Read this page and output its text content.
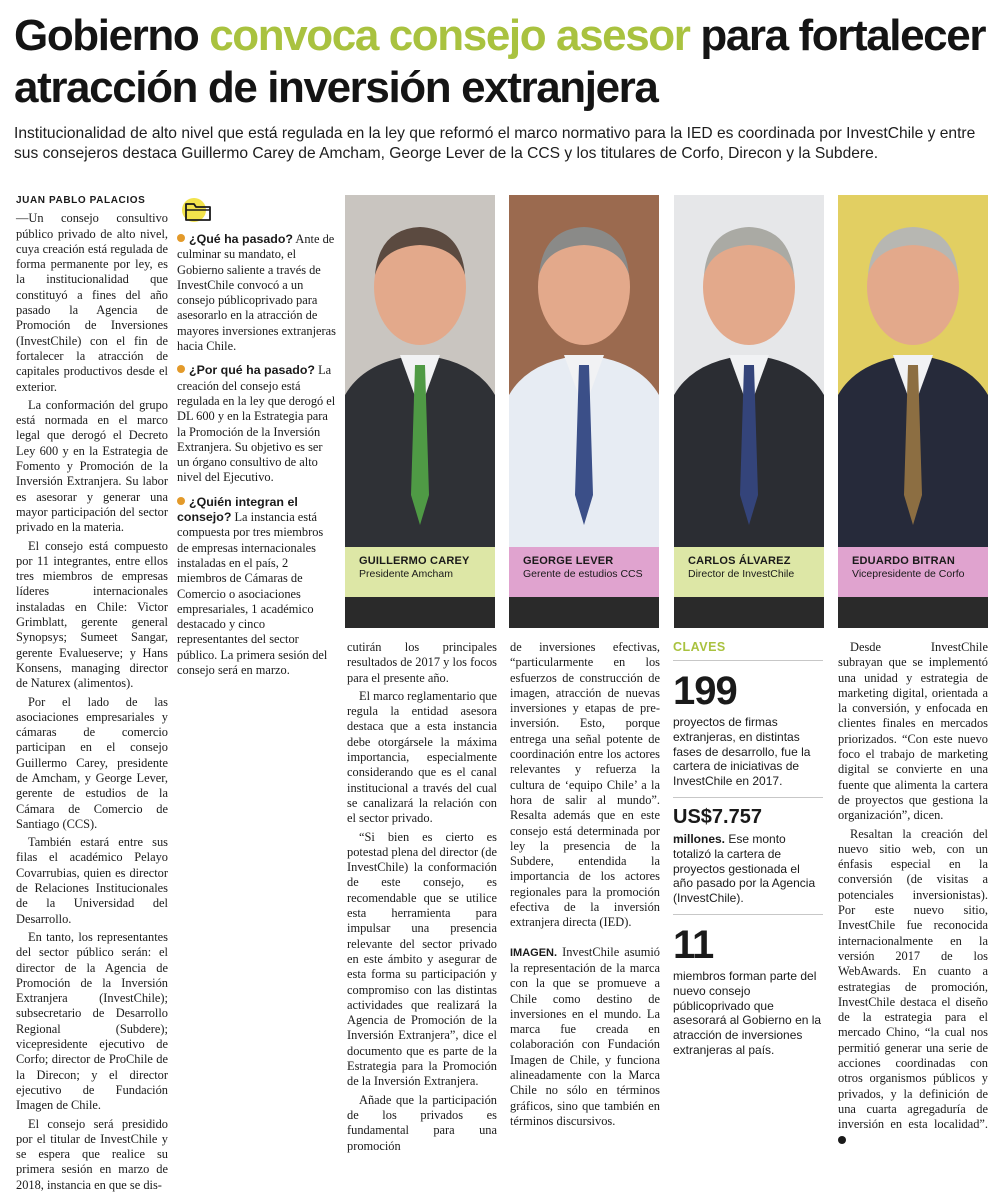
Gobierno convoca consejo asesor para fortalecer atracción de inversión extranjera
Institucionalidad de alto nivel que está regulada en la ley que reformó el marco normativo para la IED es coordinada por InvestChile y entre sus consejeros destaca Guillermo Carey de Amcham, George Lever de la CCS y los titulares de Corfo, Direcon y la Subdere.
JUAN PABLO PALACIOS

—Un consejo consultivo público privado de alto nivel, cuya creación está regulada de forma permanente por ley, es la institucionalidad que constituyó a fines del año pasado la Agencia de Promoción de Inversiones (InvestChile) con el fin de fortalecer la atracción de capitales productivos desde el exterior.

La conformación del grupo está normada en el marco legal que derogó el Decreto Ley 600 y en la Estrategia de Fomento y Promoción de la Inversión Extranjera. Su labor es asesorar y generar una mayor participación del sector privado en la materia.

El consejo está compuesto por 11 integrantes, entre ellos tres miembros de empresas líderes internacionales instaladas en Chile: Victor Grimblatt, gerente general Synopsys; Sumeet Sangar, gerente Evalueserve; y Hans Konsens, managing director de Naturex (alimentos).

Por el lado de las asociaciones empresariales y cámaras de comercio participan en el consejo Guillermo Carey, presidente de Amcham, y George Lever, gerente de estudios de la Cámara de Comercio de Santiago (CCS).

También estará entre sus filas el académico Pelayo Covarrubias, quien es director de Relaciones Institucionales de la Universidad del Desarrollo.

En tanto, los representantes del sector público serán: el director de la Agencia de Promoción de la Inversión Extranjera (InvestChile); subsecretario de Desarrollo Regional (Subdere); vicepresidente ejecutivo de Corfo; director de ProChile de la Direcon; y el director ejecutivo de Fundación Imagen de Chile.

El consejo será presidido por el titular de InvestChile y se espera que realice su primera sesión en marzo de 2018, instancia en que se dis-

¿Qué ha pasado? Ante de culminar su mandato, el Gobierno saliente a través de InvestChile convocó a un consejo públicoprivado para asesorarlo en la atracción de mayores inversiones extranjeras hacia Chile.

¿Por qué ha pasado? La creación del consejo está regulada en la ley que derogó el DL 600 y en la Estrategia para la Promoción de la Inversión Extranjera. Su objetivo es ser un órgano consultivo de alto nivel del Ejecutivo.

¿Quién integran el consejo? La instancia está compuesta por tres miembros de empresas internacionales instaladas en el país, 2 miembros de Cámaras de Comercio o asociaciones empresariales, 1 académico destacado y cinco representantes del sector público. La primera sesión del consejo será en marzo.

GUILLERMO CAREY
Presidente Amcham
GEORGE LEVER
Gerente de estudios CCS
CARLOS ÁLVAREZ
Director de InvestChile
EDUARDO BITRAN
Vicepresidente de Corfo

cutirán los principales resultados de 2017 y los focos para el presente año.

El marco reglamentario que regula la entidad asesora destaca que a esta instancia debe otorgársele la máxima importancia, especialmente considerando que es el canal institucional a través del cual se canalizará la relación con el sector privado.

“Si bien es cierto es potestad plena del director (de InvestChile) la conformación de este consejo, es recomendable que se utilice esta herramienta para impulsar una presencia relevante del sector privado en este ámbito y asegurar de esta forma su participación y compromiso con las distintas actividades que realizará la Agencia de Promoción de la Inversión Extranjera”, dice el documento que es parte de la Estrategia para la Promoción de la Inversión Extranjera.

Añade que la participación de los privados es fundamental para una promoción

de inversiones efectivas, “particularmente en los esfuerzos de construcción de imagen, atracción de nuevas inversiones y etapas de pre-inversión. Esto, porque entrega una señal potente de coordinación entre los actores relevantes y refuerza la cultura de ‘equipo Chile’ a la hora de salir al mundo”. Resalta además que en este consejo está determinada por ley la presencia de la Subdere, entendida la importancia de los actores regionales para la promoción efectiva de la inversión extranjera directa (IED).

IMAGEN. InvestChile asumió la representación de la marca con la que se promueve a Chile como destino de inversiones en el mundo. La marca fue creada en colaboración con Fundación Imagen de Chile, y funciona alineadamente con la Marca Chile no sólo en términos gráficos, sino que también en términos discursivos.

CLAVES
199
proyectos de firmas extranjeras, en distintas fases de desarrollo, fue la cartera de iniciativas de InvestChile en 2017.
US$7.757
millones. Ese monto totalizó la cartera de proyectos gestionada el año pasado por la Agencia (InvestChile).
11
miembros forman parte del nuevo consejo públicoprivado que asesorará al Gobierno en la atracción de inversiones extranjeras al país.

Desde InvestChile subrayan que se implementó una unidad y estrategia de marketing digital, orientada a la conversión, y enfocada en clientes finales en mercados priorizados. “Con este nuevo foco el trabajo de marketing digital se convierte en una fuente que alimenta la cartera de proyectos que gestiona la organización”, dicen.

Resaltan la creación del nuevo sitio web, con un énfasis especial en la conversión (de visitas a potenciales inversionistas). Por este nuevo sitio, InvestChile fue reconocida internacionalmente en la versión 2017 de los WebAwards. En cuanto a estrategias de promoción, InvestChile destaca el diseño de la estrategia para el mercado Chino, “la cual nos permitió generar una serie de acciones coordinadas con otros organismos públicos y privados, y la definición de una cuarta agregaduría de inversión en esta localidad”.
